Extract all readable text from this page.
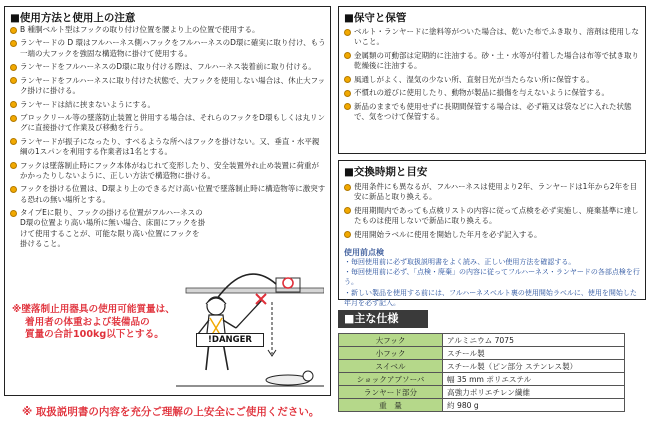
■使用方法と使用上の注意
B 種胴ベルト型はフックの取り付け位置を腰より上の位置で使用する。
ランヤードの D 環はフルハーネス側ハフックをフルハーネスのD環に確実に取り付け、もう一端の大フックを強固な構造物に掛けて使用する。
ランヤードをフルハーネスのD環に取り付ける際は、フルハーネス装着前に取り付ける。
ランヤードをフルハーネスに取り付けた状態で、大フックを使用しない場合は、休止大フック掛けに掛ける。
ランヤードは結に挟まないようにする。
ブロックリール等の墜落防止装置と併用する場合は、それらのフックをD環もしくは丸リングに直接掛けて作業及び移動を行う。
ランヤードが振子になったり、すべるような所へはフックを掛けない。又、垂直・水平親綱の1スパンを利用する作業者は1名とする。
フックは墜落制止時にフック本体がねじれて変形したり、安全装置外れ止め装置に荷重がかかったりしないように、正しい方法で構造物に掛ける。
フックを掛ける位置は、D環より上のできるだけ高い位置で墜落制止時に構造物等に激突する恐れの無い場所とする。
タイプEに限り、フックの掛ける位置がフルハーネスのD環の位置より高い場所に無い場合、床面にフックを掛けて使用することが、可能な限り高い位置にフックを掛けること。
!DANGER
※墜落制止用器具の使用可能質量は、
着用者の体重および装備品の
質量の合計100kg以下とする。
※ 取扱説明書の内容を充分ご理解の上安全にご使用ください。
■保守と保管
ベルト・ランヤードに塗料等がついた場合は、乾いた布でふき取り、溶剤は使用しないこと。
金属類の可動部は定期的に注油する。砂・土・水等が付着した場合は布等で拭き取り乾燥後に注油する。
風通しがよく、湿気の少ない所、直射日光が当たらない所に保管する。
不慣れの遊びに使用したり、動物が製品に損傷を与えないように保管する。
新品のままでも使用せずに長期間保管する場合は、必ず箱又は袋などに入れた状態で、気をつけて保管する。
■交換時期と目安
使用条件にも異なるが、フルハーネスは使用より2年、ランヤードは1年から2年を目安に新品と取り換える。
使用期間内であっても点検リストの内容に従って点検を必ず実施し、廃棄基準に達したものは使用しないで新品に取り換える。
使用開始ラベルに使用を開始した年月を必ず記入する。
使用前点検
・毎回使用前に必ず取扱説明書をよく読み、正しい使用方法を確認する。
・毎回使用前に必ず、「点検・廃棄」の内容に従ってフルハーネス・ランヤードの各部点検を行う。
・新しい製品を使用する前には、フルハーネスベルト裏の使用開始ラベルに、使用を開始した年月を必ず記入。
■主な仕様
大フック	アルミニウム 7075
小フック	スチール製
スイベル	スチール製（ピン部分 ステンレス製）
ショックアブソーバ	幅 35 mm ポリエステル
ランヤード部分	高強力ポリエチレン繊維
重　量	約 980 g
